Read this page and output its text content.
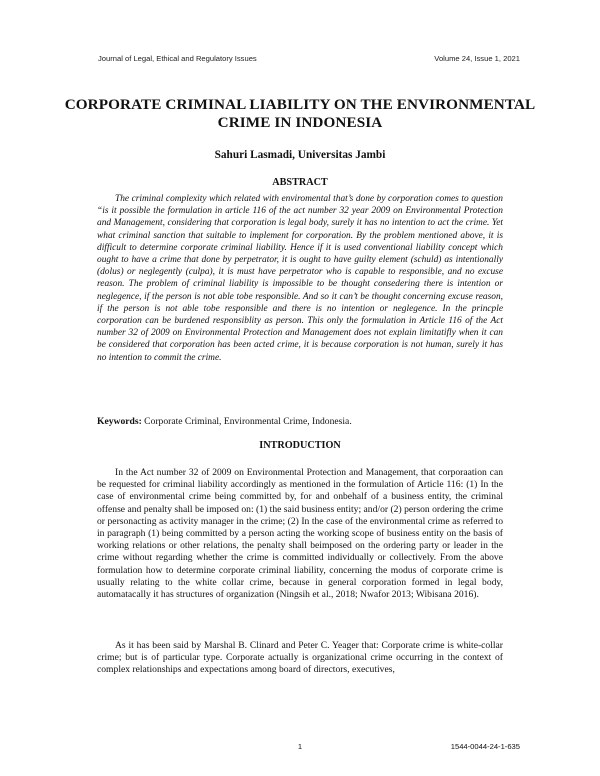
Journal of Legal, Ethical and Regulatory Issues	Volume 24, Issue 1, 2021
CORPORATE CRIMINAL LIABILITY ON THE ENVIRONMENTAL CRIME IN INDONESIA
Sahuri Lasmadi, Universitas Jambi
ABSTRACT

The criminal complexity which related with enviromental that’s done by corporation comes to question “is it possible the formulation in article 116 of the act number 32 year 2009 on Environmental Protection and Management, considering that corporation is legal body, surely it has no intention to act the crime. Yet what criminal sanction that suitable to implement for corporation. By the problem mentioned above, it is difficult to determine corporate criminal liability. Hence if it is used conventional liability concept which ought to have a crime that done by perpetrator, it is ought to have guilty element (schuld) as intentionally (dolus) or neglegently (culpa), it is must have perpetrator who is capable to responsible, and no excuse reason. The problem of criminal liability is impossible to be thought consedering there is intention or neglegence, if the person is not able tobe responsible. And so it can’t be thought concerning excuse reason, if the person is not able tobe responsible and there is no intention or neglegence. In the princple corporation can be burdened responsiblity as person. This only the formulation in Article 116 of the Act number 32 of 2009 on Environmental Protection and Management does not explain limitatifly when it can be considered that corporation has been acted crime, it is because corporation is not human, surely it has no intention to commit the crime.

Keywords: Corporate Criminal, Environmental Crime, Indonesia.

INTRODUCTION

In the Act number 32 of 2009 on Environmental Protection and Management, that corporaation can be requested for criminal liability accordingly as mentioned in the formulation of Article 116: (1) In the case of environmental crime being committed by, for and onbehalf of a business entity, the criminal offense and penalty shall be imposed on: (1) the said business entity; and/or (2) person ordering the crime or personacting as activity manager in the crime; (2) In the case of the environmental crime as referred to in paragraph (1) being committed by a person acting the working scope of business entity on the basis of working relations or other relations, the penalty shall beimposed on the ordering party or leader in the crime without regarding whether the crime is committed individually or collectively. From the above formulation how to determine corporate criminal liability, concerning the modus of corporate crime is usually relating to the white collar crime, because in general corporation formed in legal body, automatacally it has structures of organization (Ningsih et al., 2018; Nwafor 2013; Wibisana 2016).

As it has been said by Marshal B. Clinard and Peter C. Yeager that: Corporate crime is white-collar crime; but is of particular type. Corporate actually is organizational crime occurring in the context of complex relationships and expectations among board of directors, executives,

1	1544-0044-24-1-635
